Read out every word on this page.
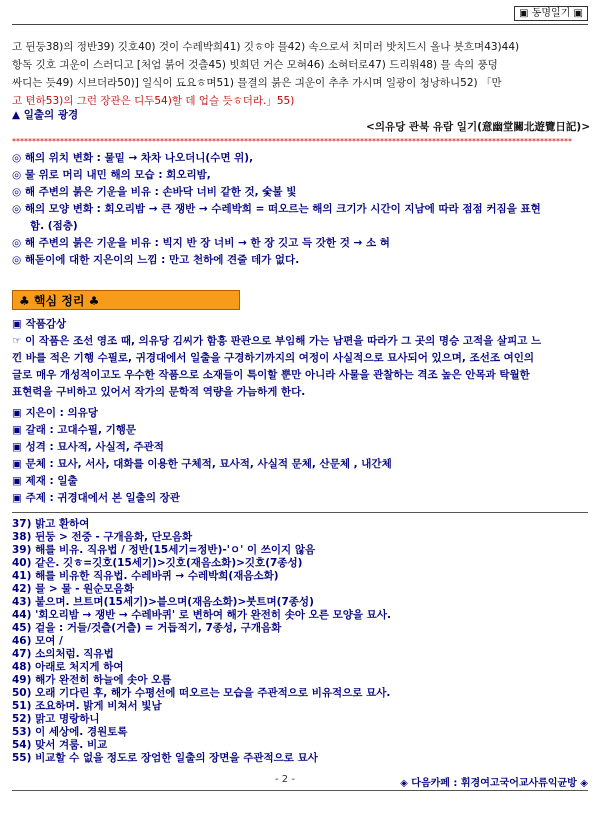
▣ 동명일기 ▣
고 뒨둥38)의 정반39) 깃호40) 것이 수레박희41) 깃ㅎ야 믈42) 속으로셔 치미러 밧치드시 올나 븟흐며43)44)
항독 깃호 긔운이 스러디고 [처엄 붉어 것츨45) 빗희던 거슨 모혀46) 소혀터로47) 드리워48) 믈 속의 풍덩
싸디는 듯49) 시브더라50)] 일식이 됴요ㅎ며51) 믈결의 붉은 긔운이 추추 가시며 일광이 청낭하니52) 「만
고 텬하53)의 그런 장관은 디두54)할 데 업슬 듯ㅎ더라.」55)
▲ 일출의 광경
<의유당 관북 유람 일기(意幽堂關北遊覽日記)>
********************************************************************************************************************************************
◎ 해의 위치 변화 : 물밑 → 차차 나오더니(수면 위),
◎ 물 위로 머리 내민 해의 모습 : 회오리밤,
◎ 해 주변의 붉은 기운을 비유 : 손바닥 너비 같한 것, 숯불 빛
◎ 해의 모양 변화 : 회오리밤 → 큰 쟁반 → 수레박희 = 떠오르는 해의 크기가 시간이 지남에 따라 점점 커짐을 표현
함. (점층)
◎ 해 주변의 붉은 기운을 비유 : 빅지 반 장 너비 → 한 장 깃고 득 갓한 것 → 소 혀
◎ 해돋이에 대한 지은이의 느낌 : 만고 천하에 견줄 데가 없다.
♣ 핵심 정리 ♣
▣ 작품감상
☞ 이 작품은 조선 영조 때, 의유당 김씨가 함흥 판관으로 부임해 가는 남편을 따라가 그 곳의 명승 고적을 살피고 느
낀 바를 적은 기행 수필로, 귀경대에서 일출을 구경하기까지의 여정이 사실적으로 묘사되어 있으며, 조선조 여인의
글로 매우 개성적이고도 우수한 작품으로 소재들이 특이할 뿐만 아니라 사물을 관찰하는 격조 높은 안목과 탁월한
표현력을 구비하고 있어서 작가의 문학적 역량을 가늠하게 한다.
▣ 지은이 : 의유당
▣ 갈래 : 고대수필, 기행문
▣ 성격 : 묘사적, 사실적, 주관적
▣ 문체 : 묘사, 서사, 대화를 이용한 구체적, 묘사적, 사실적 문체, 산문체 , 내간체
▣ 제재 : 일출
▣ 주제 : 귀경대에서 본 일출의 장관
37) 밝고 환하여
38) 뒨둥 > 전중 - 구개음화, 단모음화
39) 해를 비유. 직유법 / 정반(15세기=정반)-'ㅇ' 이 쓰이지 않음
40) 같은. 깃ㅎ=깃호(15세기)>깃호(재음소화)>깃호(7종성)
41) 해를 비유한 직유법. 수레바퀴 → 수레박희(재음소화)
42) 믈 > 물 - 원순모음화
43) 붙으며. 브트며(15세기)>븥으며(재음소화)>붓트며(7종성)
44) '회오리밤 → 쟁반 → 수레바퀴' 로 변하여 해가 완전히 솟아 오른 모양을 묘사.
45) 겉을 : 거들/것츨(거츨) = 거듭적기, 7종성, 구개음화
46) 모여 /
47) 소의처럼. 직유법
48) 아래로 처지게 하여
49) 해가 완전히 하늘에 솟아 오름
50) 오래 기다린 후, 해가 수평선에 떠오르는 모습을 주관적으로 비유적으로 묘사.
51) 조요하며. 밝게 비쳐서 빛남
52) 맑고 명랑하니
53) 이 세상에. 경원토록
54) 맞서 겨룸. 비교
55) 비교할 수 없을 정도로 장엄한 일출의 장면을 주관적으로 묘사
- 2 -	◈ 다음카페 : 휘경여고국어교사류익균방 ◈
